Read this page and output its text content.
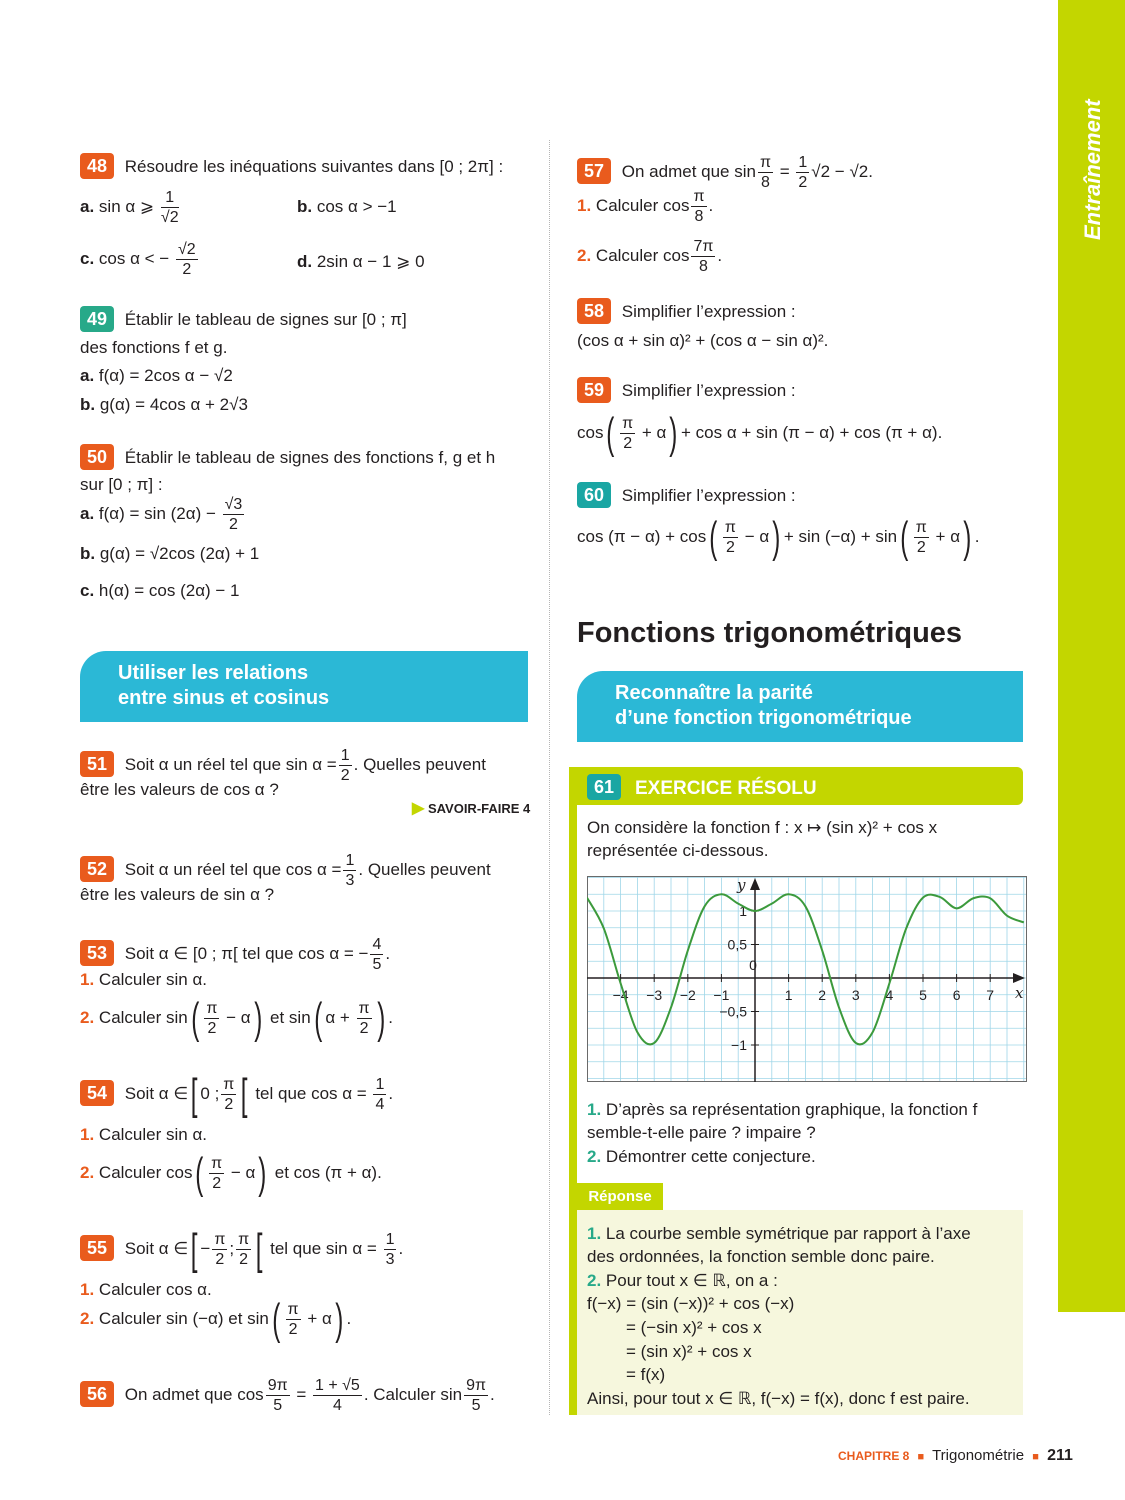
Entraînement
48 Résoudre les inéquations suivantes dans [0 ; 2π] :
a. sin α ⩾ $\frac{1}{√2}$	b. cos α > −1
c. cos α < − $\frac{√2}{2}$	d. 2sin α − 1 ⩾ 0
49 Établir le tableau de signes sur [0 ; π]
des fonctions f et g.
a. f(α) = 2cos α − √2
b. g(α) = 4cos α + 2√3
50 Établir le tableau de signes des fonctions f, g et h
sur [0 ; π] :
a. $f(\alpha) = \sin (2\alpha) - \frac{√3}{2}$
b. g(α) = √2cos (2α) + 1
c. h(α) = cos (2α) − 1
Utiliser les relations
entre sinus et cosinus
51 Soit α un réel tel que $\sin \alpha = \frac{1}{2}$ . Quelles peuvent
être les valeurs de cos α ?
▶ SAVOIR-FAIRE 4
52 Soit α un réel tel que $\cos \alpha = \frac{1}{3}$ . Quelles peuvent
être les valeurs de sin α ?
53 Soit α ∈ [0 ; π[ tel que cos α = − $\frac{4}{5}$ .
1. Calculer sin α.
2. Calculer $\sin( \frac{\pi}{2} - \alpha)$ et sin( $\alpha + \frac{\pi}{2}$ ) .
54 Soit α ∈[ 0 ; $\frac{\pi}{2}$ [ tel que $\cos \alpha = \frac{1}{4}$ .
1. Calculer sin α.
2. Calculer $\cos( \frac{\pi}{2} - \alpha)$ et cos (π + α).
55 Soit α ∈[ − $\frac{\pi}{2}$ ; $\frac{\pi}{2}$ [ tel que $\sin \alpha = \frac{1}{3}$ .
1. Calculer cos α.
2. Calculer sin (−α) et $\sin( \frac{\pi}{2} + \alpha)$ .
56 On admet que $\cos \frac{9\pi}{5} = \frac{1 + √5}{4}$ . Calculer $\sin \frac{9\pi}{5}$ .
57 On admet que $\sin \frac{\pi}{8} = \frac{1}{2} √2 - √2$.
1. Calculer $\cos \frac{\pi}{8}$ .
2. Calculer $\cos \frac{7\pi}{8}$ .
58 Simplifier l’expression :
(cos α + sin α)² + (cos α − sin α)².
59 Simplifier l’expression :
$\cos( \frac{\pi}{2} + \alpha) + \cos \alpha + \sin (\pi - \alpha) + \cos (\pi + \alpha)$.
60 Simplifier l’expression :
$\cos (\pi - \alpha) + \cos( \frac{\pi}{2} - \alpha) + \sin (-\alpha) + \sin( \frac{\pi}{2} + \alpha)$ .
Fonctions trigonométriques
Reconnaître la parité
d’une fonction trigonométrique
61	EXERCICE RÉSOLU
On considère la fonction f : x ↦ (sin x)² + cos x
représentée ci-dessous.
−4 −3 −2 −1
0
1 2 3 4 5 6 7
1
0,5
−0,5
−1
x
y
1. D’après sa représentation graphique, la fonction f
semble-t-elle paire ? impaire ?
2. Démontrer cette conjecture.
Réponse
1. La courbe semble symétrique par rapport à l’axe
des ordonnées, la fonction semble donc paire.
2. Pour tout x ∈ ℝ, on a :
f(−x) = (sin (−x))² + cos (−x)
= (−sin x)² + cos x
= (sin x)² + cos x
= f(x)
Ainsi, pour tout x ∈ ℝ, f(−x) = f(x), donc f est paire.
CHAPITRE 8 ■ Trigonométrie ■ 211
